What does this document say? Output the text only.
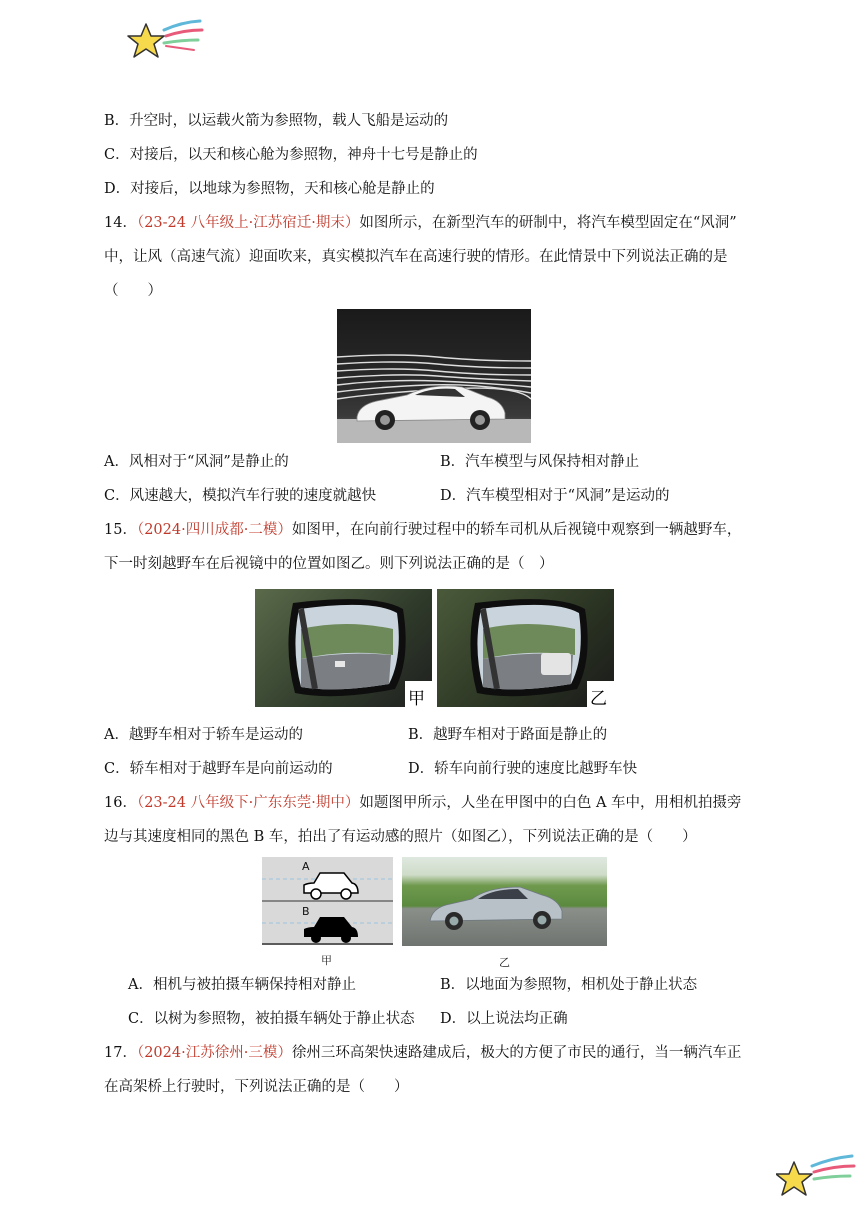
B．升空时，以运载火箭为参照物，载人飞船是运动的
C．对接后，以天和核心舱为参照物，神舟十七号是静止的
D．对接后，以地球为参照物，天和核心舱是静止的
14．（23-24 八年级上·江苏宿迁·期末）如图所示，在新型汽车的研制中，将汽车模型固定在“风洞”
中，让风（高速气流）迎面吹来，真实模拟汽车在高速行驶的情形。在此情景中下列说法正确的是
（　　）
A．风相对于“风洞”是静止的	B．汽车模型与风保持相对静止
C．风速越大，模拟汽车行驶的速度就越快	D．汽车模型相对于“风洞”是运动的
15．（2024·四川成都·二模）如图甲，在向前行驶过程中的轿车司机从后视镜中观察到一辆越野车，
下一时刻越野车在后视镜中的位置如图乙。则下列说法正确的是（　）
甲	乙
A．越野车相对于轿车是运动的	B．越野车相对于路面是静止的
C．轿车相对于越野车是向前运动的	D．轿车向前行驶的速度比越野车快
16．（23-24 八年级下·广东东莞·期中）如题图甲所示，人坐在甲图中的白色 A 车中，用相机拍摄旁
边与其速度相同的黑色 B 车，拍出了有运动感的照片（如图乙），下列说法正确的是（　　）
A
B
甲	乙
A．相机与被拍摄车辆保持相对静止	B．以地面为参照物，相机处于静止状态
C．以树为参照物，被拍摄车辆处于静止状态 D．以上说法均正确
17．（2024·江苏徐州·三模）徐州三环高架快速路建成后，极大的方便了市民的通行，当一辆汽车正
在高架桥上行驶时，下列说法正确的是（　　）
